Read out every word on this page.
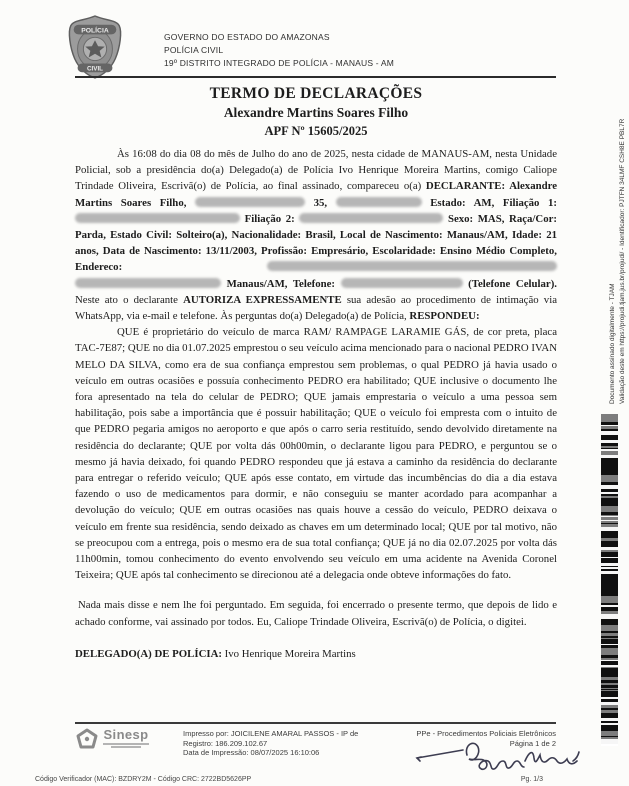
POLÍCIA
CIVIL
GOVERNO DO ESTADO DO AMAZONAS
POLÍCIA CIVIL
19º DISTRITO INTEGRADO DE POLÍCIA - MANAUS - AM
TERMO DE DECLARAÇÕES
Alexandre Martins Soares Filho
APF Nº 15605/2025

Às 16:08 do dia 08 do mês de Julho do ano de 2025, nesta cidade de MANAUS-AM, nesta Unidade Policial, sob a presidência do(a) Delegado(a) de Polícia Ivo Henrique Moreira Martins, comigo Caliope Trindade Oliveira, Escrivã(o) de Polícia, ao final assinado, compareceu o(a) DECLARANTE: Alexandre Martins Soares Filho,	35,	Estado: AM, Filiação 1:  Filiação 2:	Sexo: MAS, Raça/Cor: Parda, Estado Civil: Solteiro(a), Nacionalidade: Brasil, Local de Nascimento: Manaus/AM, Idade: 21 anos, Data de Nascimento: 13/11/2003, Profissão: Empresário, Escolaridade: Ensino Médio Completo, Endereco:   Manaus/AM, Telefone:	(Telefone Celular). Neste ato o declarante AUTORIZA EXPRESSAMENTE sua adesão ao procedimento de intimação via WhatsApp, via e-mail e telefone. Às perguntas do(a) Delegado(a) de Polícia, RESPONDEU:

QUE é proprietário do veículo de marca RAM/ RAMPAGE LARAMIE GÁS, de cor preta, placa TAC-7E87; QUE no dia 01.07.2025 emprestou o seu veículo acima mencionado para o nacional PEDRO IVAN MELO DA SILVA, como era de sua confiança emprestou sem problemas, o qual PEDRO já havia usado o veículo em outras ocasiões e possuía conhecimento PEDRO era habilitado; QUE inclusive o documento lhe fora apresentado na tela do celular de PEDRO; QUE jamais emprestaria o veículo a uma pessoa sem habilitação, pois sabe a importância que é possuir habilitação; QUE o veículo foi empresta com o intuito de que PEDRO pegaria amigos no aeroporto e que após o carro seria restituído, sendo devolvido diretamente na residência do declarante; QUE por volta dás 00h00min, o declarante ligou para PEDRO, e perguntou se o mesmo já havia deixado, foi quando PEDRO respondeu que já estava a caminho da residência do declarante para entregar o referido veículo; QUE após esse contato, em virtude das incumbências do dia a dia estava fazendo o uso de medicamentos para dormir, e não conseguiu se manter acordado para acompanhar a devolução do veículo; QUE em outras ocasiões nas quais houve a cessão do veículo, PEDRO deixava o veículo em frente sua residência, sendo deixado as chaves em um determinado local; QUE por tal motivo, não se preocupou com a entrega, pois o mesmo era de sua total confiança; QUE já no dia 02.07.2025 por volta dás 11h00min, tomou conhecimento do evento envolvendo seu veículo em uma acidente na Avenida Coronel Teixeira; QUE após tal conhecimento se direcionou até a delegacia onde obteve informações do fato.

Nada mais disse e nem lhe foi perguntado. Em seguida, foi encerrado o presente termo, que depois de lido e achado conforme, vai assinado por todos. Eu, Caliope Trindade Oliveira, Escrivã(o) de Polícia, o digitei.

DELEGADO(A) DE POLÍCIA: Ivo Henrique Moreira Martins

Sinesp	Impresso por: JOICILENE AMARAL PASSOS - IP de
Registro: 186.209.102.67
Data de Impressão: 08/07/2025 16:10:06
PPe - Procedimentos Policiais Eletrônicos
Página 1 de 2
Código Verificador (MAC): BZDRY2M - Código CRC: 2722BD5626PP	Pg. 1/3
Documento assinado digitalmente - TJAM Validação deste em https://projudi.tjam.jus.br/projudi/ - Identificador: PJTFN 34LMF CSH8E PBL7R
